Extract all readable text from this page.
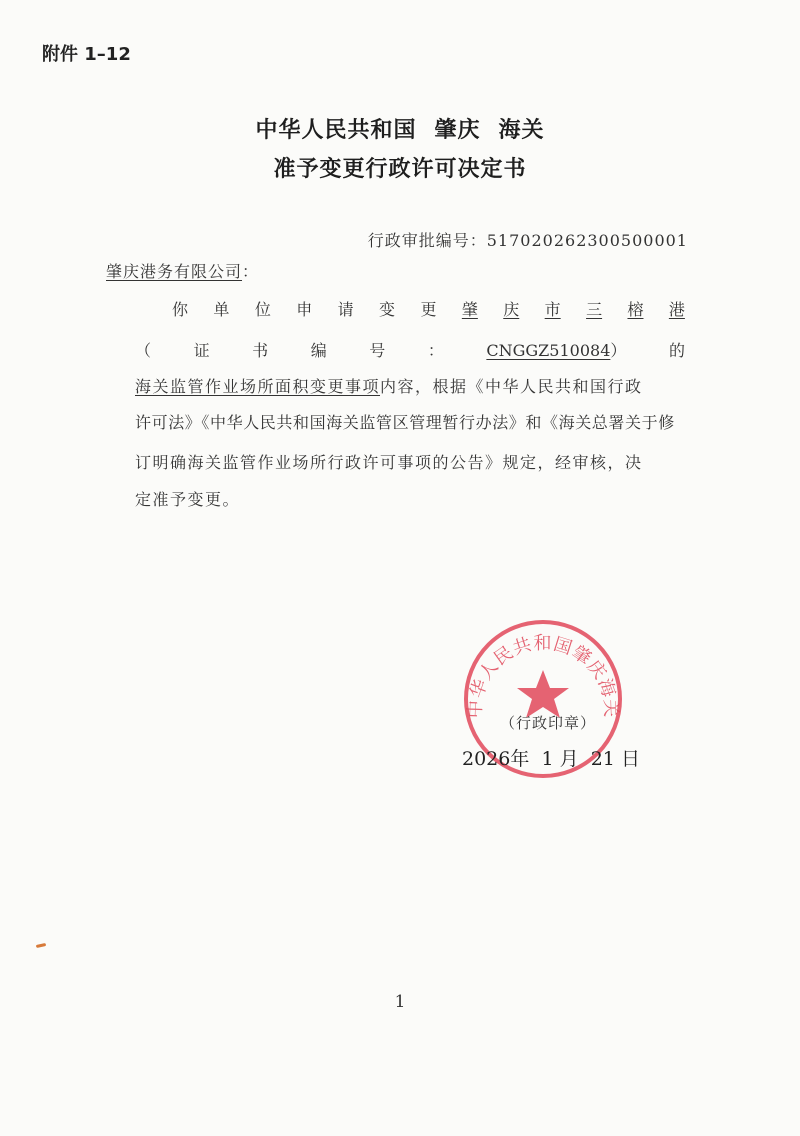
附件 1–12
中华人民共和国 肇庆 海关
准予变更行政许可决定书
行政审批编号：517020262300500001
肇庆港务有限公司：
你 单 位 申 请 变 更 肇 庆 市 三 榕 港
（	证	书	编	号	：	CNGGZ510084）	的
海关监管作业场所面积变更事项内容，根据《中华人民共和国行政
许可法》《中华人民共和国海关监管区管理暂行办法》和《海关总署关于修
订明确海关监管作业场所行政许可事项的公告》规定，经审核，决
定准予变更。
中华人民共和国肇庆海关
（行政印章）
2026年 1 月 21 日
1
